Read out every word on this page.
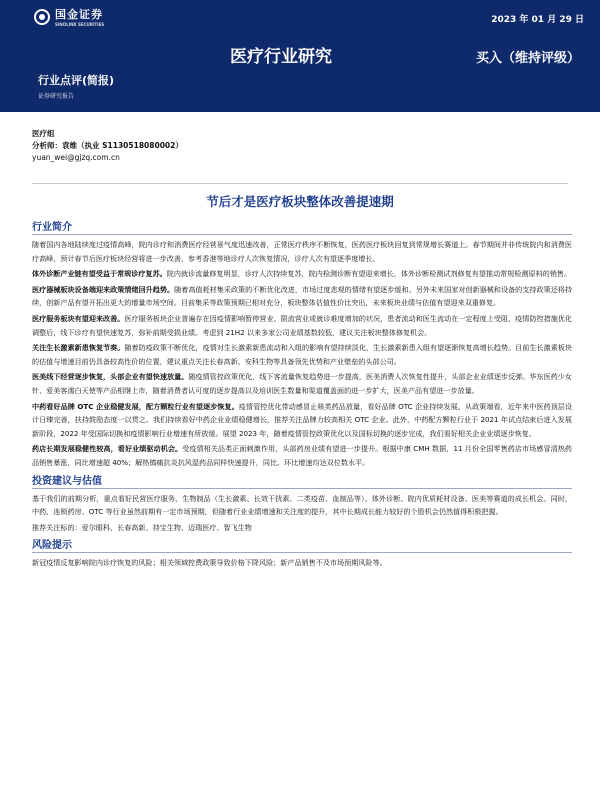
国金证券
SINOLINK SECURITIES	2023 年 01 月 29 日
医疗行业研究	买入（维持评级）
行业点评(简报)
证券研究报告
医疗组
分析师：袁维（执业 S1130518080002）
yuan_wei@gjzq.com.cn
节后才是医疗板块整体改善提速期
行业简介

随着国内各地陆续度过疫情高峰，院内诊疗和消费医疗经营景气度迅速改善，正常医疗秩序不断恢复，医药医疗板块回复到常规增长赛道上。春节期间并非传统院内和消费医疗高峰，预计春节后医疗板块经营将进一步改善，参考香港等地诊疗人次恢复情况，诊疗人次有望逐季度增长。

体外诊断产业链有望受益于常规诊疗复苏。院内就诊流量修复明显，诊疗人次持续复苏，院内检测诊断有望迎来增长，体外诊断检测试剂修复有望推动常规检测原料的销售。

医疗器械板块设备端迎来政策情绪回升趋势。随着高值耗材集采政策的不断优化改进，市场过度悲观的情绪有望逐步缓和。另外未来国家对创新器械和设备的支持政策还将持续，创新产品有望开拓出更大的增量市场空间。目前集采等政策预期已相对充分，板块整体估值性价比突出，未来板块业绩与估值有望迎来双重修复。

医疗服务板块有望迎来改善。医疗服务板块企业普遍存在因疫情影响暂停营业、限流营业或就诊难度增加的状况，患者流动和医生流动在一定程度上受阻，疫情防控措施优化调整后，线下诊疗有望快速复苏，弥补前期受损业绩。考虑到 21H2 以来多家公司业绩基数较低，建议关注板块整体修复机会。

关注生长激素新患恢复节奏。随着防疫政策不断优化，疫情对生长激素新患流动和入组的影响有望持续淡化，生长激素新患入组有望逐渐恢复高增长趋势。目前生长激素板块的估值与增速目前仍具备较高性价的位置，建议重点关注长春高新、安科生物等具备领先优势和产业壁垒的头部公司。

医美线下经营逐步恢复，头部企业有望快速放量。随疫情管控政策优化，线下客流量恢复趋势进一步提高，医美消费人次恢复性提升，头部企业业绩逐步反弹。华东医药少女针、爱美客濡白天使等产品相继上市，随着消费者认可度的逐步提高以及培训医生数量和渠道覆盖面的进一步扩大，医美产品有望进一步放量。

中药看好品牌 OTC 企业稳健发展，配方颗粒行业有望逐步恢复。疫情管控优化带动感冒止咳类药品放量，看好品牌 OTC 企业持续发展。从政策端看，近年来中医药顶层设计日臻完善，扶持鼓励态度一以贯之。我们持续看好中药企业业绩稳健增长，推荐关注品牌力较高相关 OTC 企业。此外，中药配方颗粒行业于 2021 年试点结束后进入发展新阶段，2022 年受国际切换和疫情影响行业增速有所放缓。展望 2023 年，随着疫情管控政策优化以及国标切换的逐步完成，我们看好相关企业业绩逐步恢复。

药店长期发展稳健性较高，看好业绩驱动机会。受疫情相关品类正面刺激作用，头部药房业绩有望进一步提升。根据中康 CMH 数据，11 月份全国零售药店市场感冒清热药品销售暴涨，同比增速超 40%；解热镇痛抗炎抗风湿药品同样快速提升，同比、环比增速均达双位数水平。

投资建议与估值

基于我们的前期分析，重点看好民营医疗服务、生物制品（生长激素、长效干扰素、二类疫苗、血制品等）、体外诊断、院内优质耗材设备、医美等赛道的成长机会。同时，中药、连锁药房、OTC 等行业虽然前期有一定市场预期，但随着行业业绩增速和关注度的提升，其中长期成长能力较好的个股机会仍然值得积极把握。

推荐关注标的：爱尔眼科、长春高新、持宝生物、迈瑞医疗、智飞生物

风险提示

新冠疫情反复影响院内诊疗恢复的风险；相关领域控费政策导致价格下降风险；新产品销售不及市场预期风险等。
